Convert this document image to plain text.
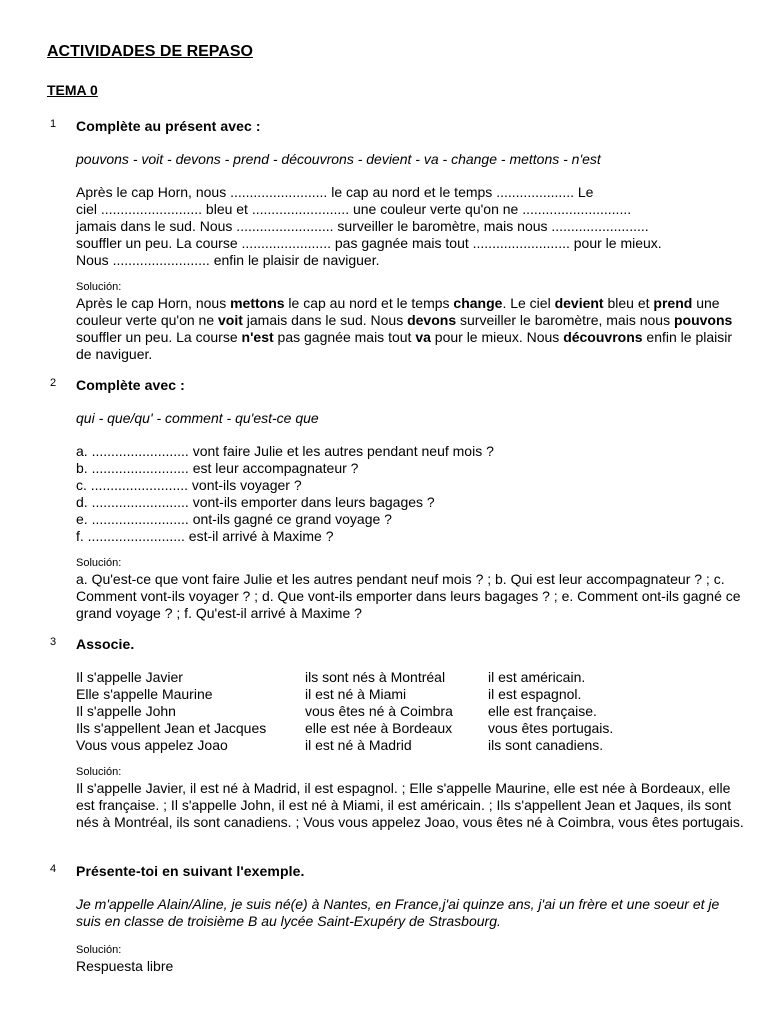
ACTIVIDADES DE REPASO
TEMA 0
1 Complète au présent avec :
pouvons - voit - devons - prend - découvrons - devient - va - change - mettons - n'est
Après le cap Horn, nous ......................... le cap au nord et le temps .................... Le
ciel .......................... bleu et ......................... une couleur verte qu'on ne ............................
jamais dans le sud. Nous ......................... surveiller le baromètre, mais nous .........................
souffler un peu. La course ....................... pas gagnée mais tout ......................... pour le mieux.
Nous ......................... enfin le plaisir de naviguer.
Solución:

Après le cap Horn, nous mettons le cap au nord et le temps change. Le ciel devient bleu et prend une couleur verte qu'on ne voit jamais dans le sud. Nous devons surveiller le baromètre, mais nous pouvons souffler un peu. La course n'est pas gagnée mais tout va pour le mieux. Nous découvrons enfin le plaisir de naviguer.

2 Complète avec :
qui - que/qu' - comment - qu'est-ce que
a. ......................... vont faire Julie et les autres pendant neuf mois ?
b. ......................... est leur accompagnateur ?
c. ......................... vont-ils voyager ?
d. ......................... vont-ils emporter dans leurs bagages ?
e. ......................... ont-ils gagné ce grand voyage ?
f. ......................... est-il arrivé à Maxime ?
Solución:

a. Qu'est-ce que vont faire Julie et les autres pendant neuf mois ? ; b. Qui est leur accompagnateur ? ; c. Comment vont-ils voyager ? ; d. Que vont-ils emporter dans leurs bagages ? ; e. Comment ont-ils gagné ce grand voyage ? ; f. Qu'est-il arrivé à Maxime ?

3 Associe.
Il s'appelle Javier
Elle s'appelle Maurine
Il s'appelle John
Ils s'appellent Jean et Jacques
Vous vous appelez Joao
ils sont nés à Montréal
il est né à Miami
vous êtes né à Coimbra
elle est née à Bordeaux
il est né à Madrid
il est américain.
il est espagnol.
elle est française.
vous êtes portugais.
ils sont canadiens.
Solución:

Il s'appelle Javier, il est né à Madrid, il est espagnol. ; Elle s'appelle Maurine, elle est née à Bordeaux, elle est française. ; Il s'appelle John, il est né à Miami, il est américain. ; Ils s'appellent Jean et Jaques, ils sont nés à Montréal, ils sont canadiens. ; Vous vous appelez Joao, vous êtes né à Coimbra, vous êtes portugais.

4 Présente-toi en suivant l'exemple.

Je m'appelle Alain/Aline, je suis né(e) à Nantes, en France,j'ai quinze ans, j'ai un frère et une soeur et je suis en classe de troisième B au lycée Saint-Exupéry de Strasbourg.

Solución:

Respuesta libre
